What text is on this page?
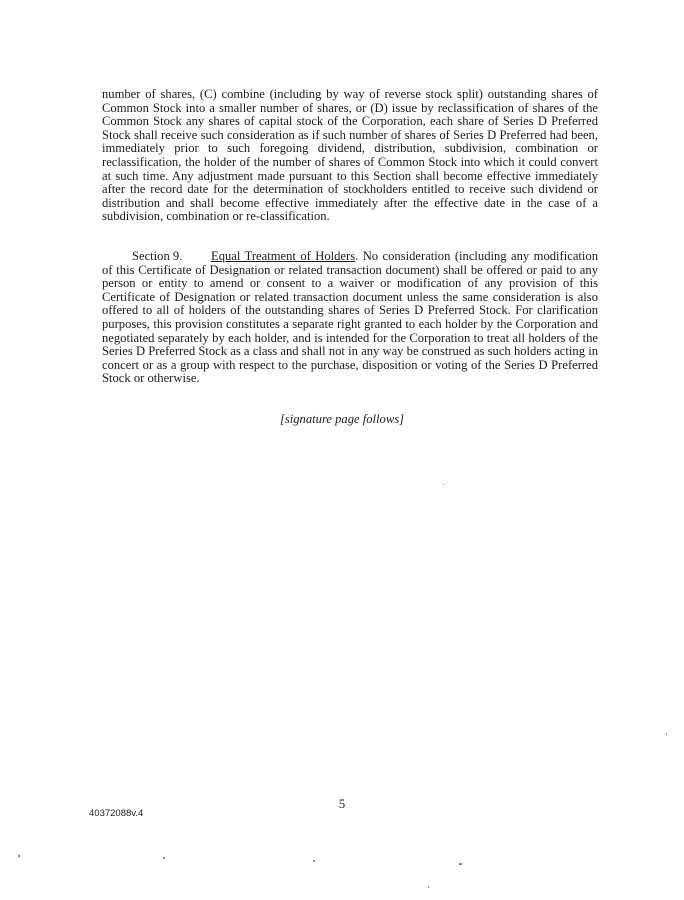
number of shares, (C) combine (including by way of reverse stock split) outstanding shares of Common Stock into a smaller number of shares, or (D) issue by reclassification of shares of the Common Stock any shares of capital stock of the Corporation, each share of Series D Preferred Stock shall receive such consideration as if such number of shares of Series D Preferred had been, immediately prior to such foregoing dividend, distribution, subdivision, combination or reclassification, the holder of the number of shares of Common Stock into which it could convert at such time. Any adjustment made pursuant to this Section shall become effective immediately after the record date for the determination of stockholders entitled to receive such dividend or distribution and shall become effective immediately after the effective date in the case of a subdivision, combination or re-classification.

Section 9. Equal Treatment of Holders. No consideration (including any modification of this Certificate of Designation or related transaction document) shall be offered or paid to any person or entity to amend or consent to a waiver or modification of any provision of this Certificate of Designation or related transaction document unless the same consideration is also offered to all of holders of the outstanding shares of Series D Preferred Stock. For clarification purposes, this provision constitutes a separate right granted to each holder by the Corporation and negotiated separately by each holder, and is intended for the Corporation to treat all holders of the Series D Preferred Stock as a class and shall not in any way be construed as such holders acting in concert or as a group with respect to the purchase, disposition or voting of the Series D Preferred Stock or otherwise.

[signature page follows]

5

40372088v.4
